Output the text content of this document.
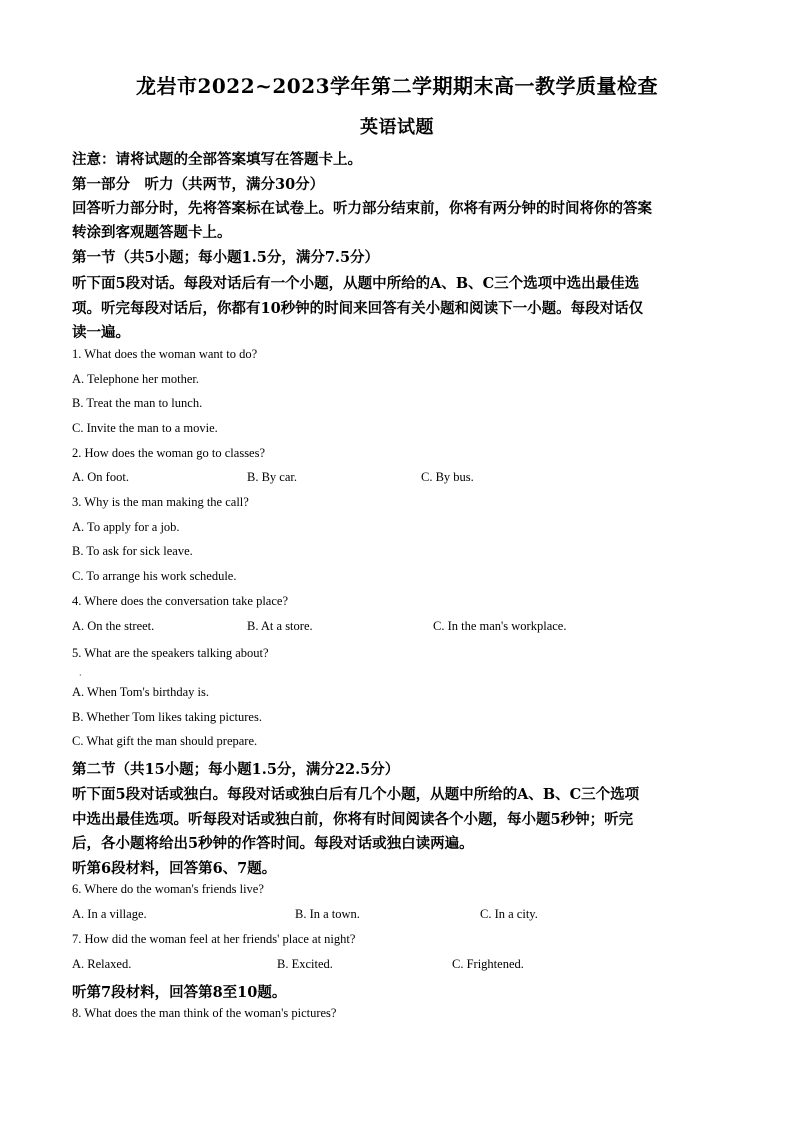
龙岩市2022~2023学年第二学期期末高一教学质量检查
英语试题
注意：请将试题的全部答案填写在答题卡上。
第一部分　听力（共两节，满分30分）
回答听力部分时，先将答案标在试卷上。听力部分结束前，你将有两分钟的时间将你的答案
转涂到客观题答题卡上。
第一节（共5小题；每小题1.5分，满分7.5分）
听下面5段对话。每段对话后有一个小题，从题中所给的A、B、C三个选项中选出最佳选
项。听完每段对话后，你都有10秒钟的时间来回答有关小题和阅读下一小题。每段对话仅
读一遍。
1. What does the woman want to do?
A. Telephone her mother.
B. Treat the man to lunch.
C. Invite the man to a movie.
2. How does the woman go to classes?
A. On foot.	B. By car.	C. By bus.
3. Why is the man making the call?
A. To apply for a job.
B. To ask for sick leave.
C. To arrange his work schedule.
4. Where does the conversation take place?
A. On the street.	B. At a store.	C. In the man's workplace.
5. What are the speakers talking about?
·
A. When Tom's birthday is.
B. Whether Tom likes taking pictures.
C. What gift the man should prepare.
第二节（共15小题；每小题1.5分，满分22.5分）
听下面5段对话或独白。每段对话或独白后有几个小题，从题中所给的A、B、C三个选项
中选出最佳选项。听每段对话或独白前，你将有时间阅读各个小题，每小题5秒钟；听完
后，各小题将给出5秒钟的作答时间。每段对话或独白读两遍。
听第6段材料，回答第6、7题。
6. Where do the woman's friends live?
A. In a village.	B. In a town.	C. In a city.
7. How did the woman feel at her friends' place at night?
A. Relaxed.	B. Excited.	C. Frightened.
听第7段材料，回答第8至10题。
8. What does the man think of the woman's pictures?
